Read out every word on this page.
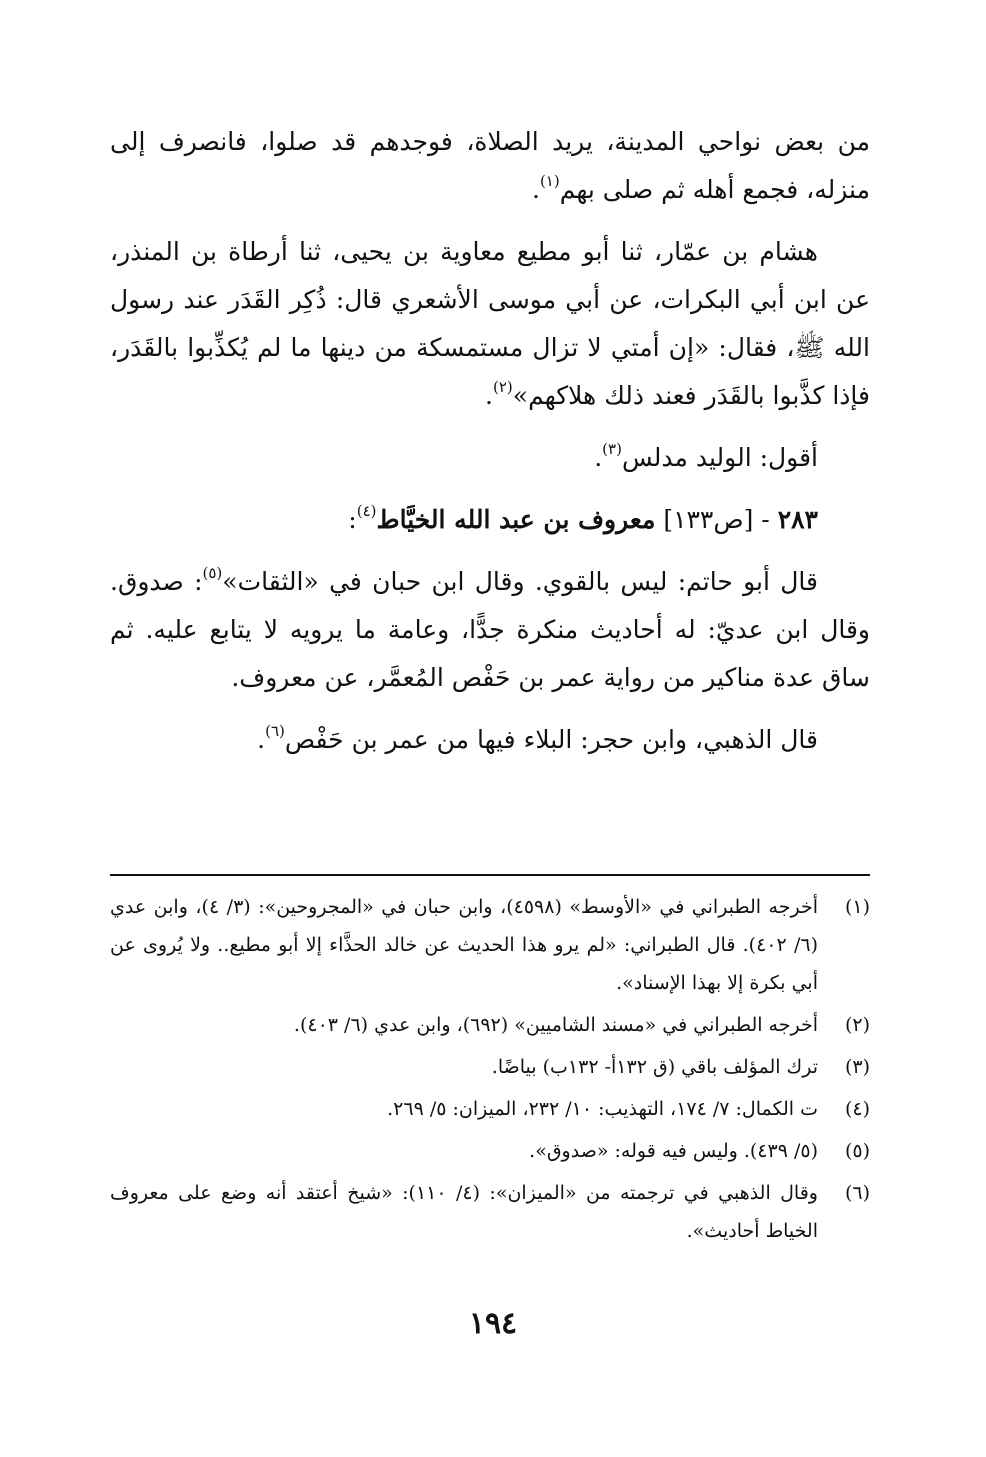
من بعض نواحي المدينة، يريد الصلاة، فوجدهم قد صلوا، فانصرف إلى منزله، فجمع أهله ثم صلى بهم$^{(١)}$.

هشام بن عمّار، ثنا أبو مطيع معاوية بن يحيى، ثنا أرطاة بن المنذر، عن ابن أبي البكرات، عن أبي موسى الأشعري قال: ذُكِر القَدَر عند رسول الله ﷺ، فقال: «إن أمتي لا تزال مستمسكة من دينها ما لم يُكذِّبوا بالقَدَر، فإذا كذَّبوا بالقَدَر فعند ذلك هلاكهم»$^{(٢)}$.

أقول: الوليد مدلس$^{(٣)}$.

٢٨٣ - [ص١٣٣] معروف بن عبد الله الخيَّاط$^{(٤)}$:

قال أبو حاتم: ليس بالقوي. وقال ابن حبان في «الثقات»$^{(٥)}$: صدوق. وقال ابن عديّ: له أحاديث منكرة جدًّا، وعامة ما يرويه لا يتابع عليه. ثم ساق عدة مناكير من رواية عمر بن حَفْص المُعمَّر، عن معروف.

قال الذهبي، وابن حجر: البلاء فيها من عمر بن حَفْص$^{(٦)}$.

(١)
أخرجه الطبراني في «الأوسط» (٤٥٩٨)، وابن حبان في «المجروحين»: (٣/ ٤)، وابن عدي (٦/ ٤٠٢). قال الطبراني: «لم يرو هذا الحديث عن خالد الحذَّاء إلا أبو مطيع.. ولا يُروى عن أبي بكرة إلا بهذا الإسناد».
(٢)
أخرجه الطبراني في «مسند الشاميين» (٦٩٢)، وابن عدي (٦/ ٤٠٣).
(٣)
ترك المؤلف باقي (ق ١٣٢أ- ١٣٢ب) بياضًا.
(٤)
ت الكمال: ٧/ ١٧٤، التهذيب: ١٠/ ٢٣٢، الميزان: ٥/ ٢٦٩.
(٥)
(٥/ ٤٣٩). وليس فيه قوله: «صدوق».
(٦)
وقال الذهبي في ترجمته من «الميزان»: (٤/ ١١٠): «شيخ أعتقد أنه وضع على معروف الخياط أحاديث».
١٩٤
